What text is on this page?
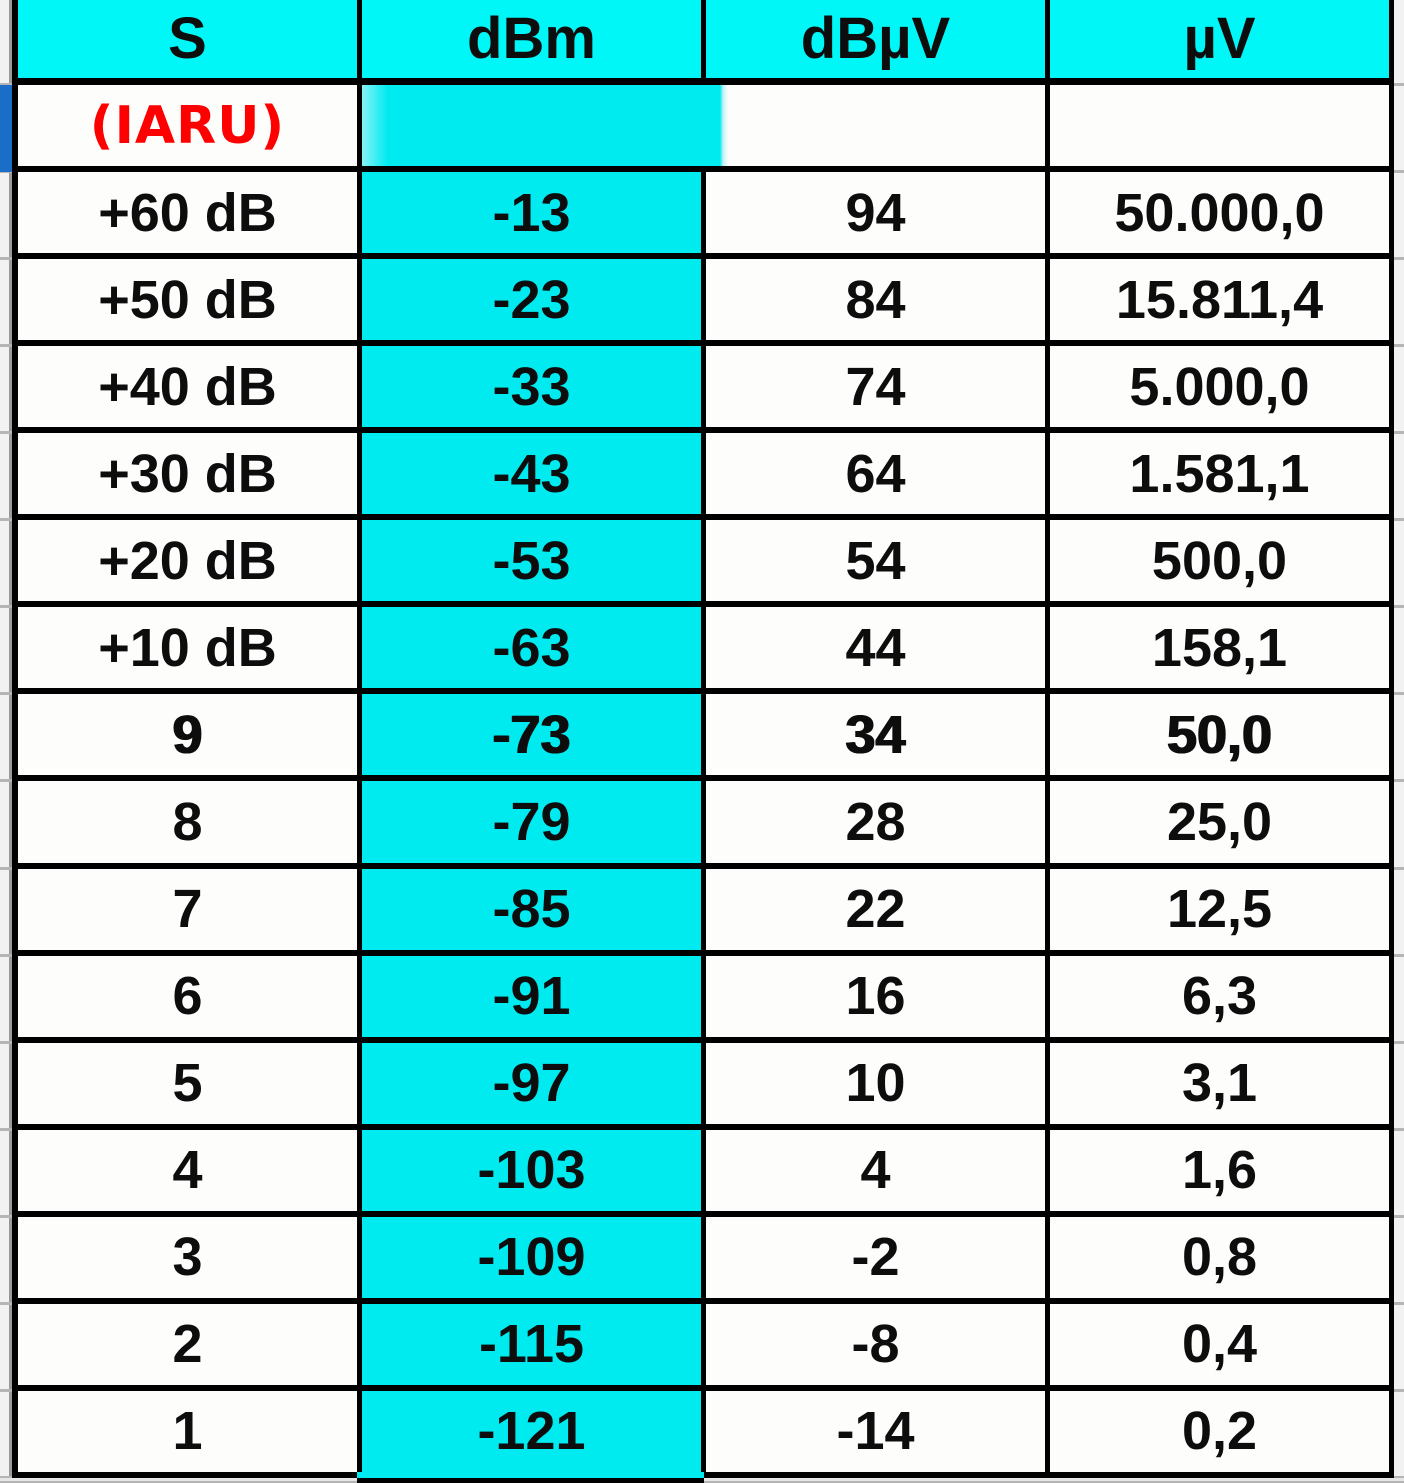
S	dBm	dBµV	µV
(IARU)
+60 dB	-13	94	50.000,0
+50 dB	-23	84	15.811,4
+40 dB	-33	74	5.000,0
+30 dB	-43	64	1.581,1
+20 dB	-53	54	500,0
+10 dB	-63	44	158,1
9	-73	34	50,0
8	-79	28	25,0
7	-85	22	12,5
6	-91	16	6,3
5	-97	10	3,1
4	-103	4	1,6
3	-109	-2	0,8
2	-115	-8	0,4
1	-121	-14	0,2
